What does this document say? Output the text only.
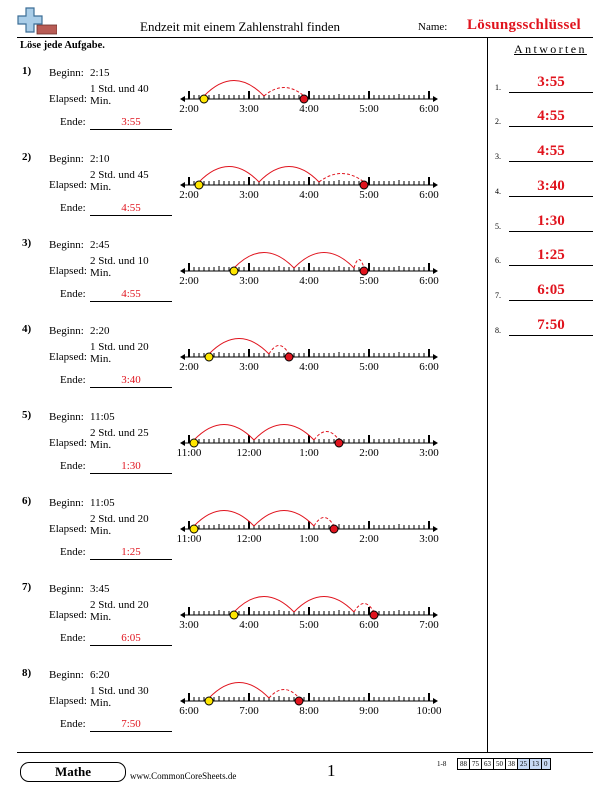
Endzeit mit einem Zahlenstrahl finden	Name: Lösungsschlüssel
Löse jede Aufgabe.	Antworten
1) Beginn: 2:15
Elapsed:
1 Std. und 40 Min.
Ende:	3:55
2:00	3:00	4:00	5:00	6:00
2) Beginn: 2:10
Elapsed:
2 Std. und 45 Min.
Ende:	4:55
2:00	3:00	4:00	5:00	6:00
3) Beginn: 2:45
Elapsed:
2 Std. und 10 Min.
Ende:	4:55
2:00	3:00	4:00	5:00	6:00
4) Beginn: 2:20
Elapsed:
1 Std. und 20 Min.
Ende:	3:40
2:00	3:00	4:00	5:00	6:00
5) Beginn: 11:05
Elapsed:
2 Std. und 25 Min.
Ende:	1:30
11:00	12:00	1:00	2:00	3:00
6) Beginn: 11:05
Elapsed:
2 Std. und 20 Min.
Ende:	1:25
11:00	12:00	1:00	2:00	3:00
7) Beginn: 3:45
Elapsed:
2 Std. und 20 Min.
Ende:	6:05
3:00	4:00	5:00	6:00	7:00
8) Beginn: 6:20
Elapsed:
1 Std. und 30 Min.
Ende:	7:50
6:00	7:00	8:00	9:00	10:00
1.	3:55
2.	4:55
3.	4:55
4.	3:40
5.	1:30
6.	1:25
7.	6:05
8.	7:50
Mathe	www.CommonCoreSheets.de	1	1-8	88 75 63 50 38 25 13 0
